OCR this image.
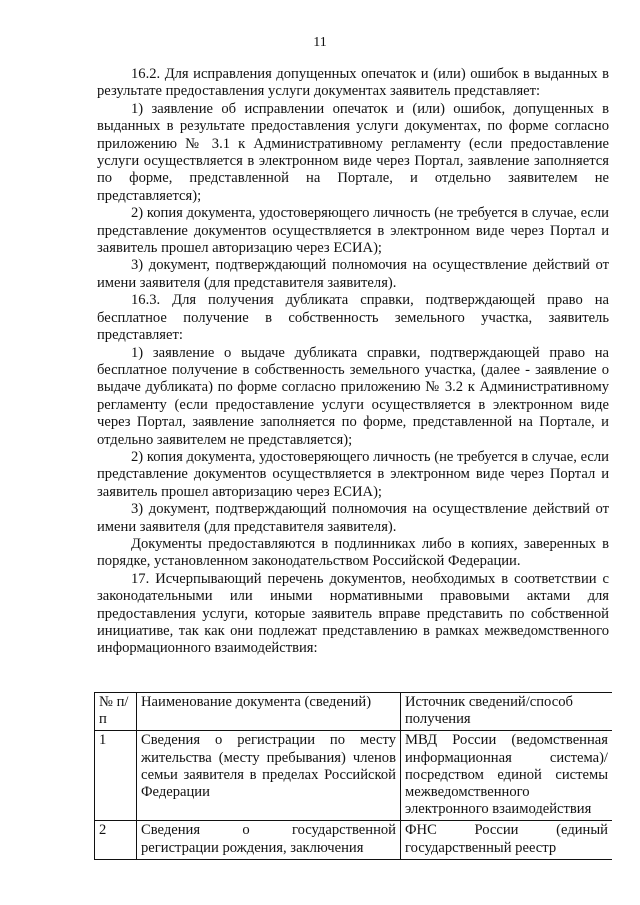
11

16.2. Для исправления допущенных опечаток и (или) ошибок в выданных в результате предоставления услуги документах заявитель представляет:

1) заявление об исправлении опечаток и (или) ошибок, допущенных в выданных в результате предоставления услуги документах, по форме согласно приложению № 3.1 к Административному регламенту (если предоставление услуги осуществляется в электронном виде через Портал, заявление заполняется по форме, представленной на Портале, и отдельно заявителем не представляется);

2) копия документа, удостоверяющего личность (не требуется в случае, если представление документов осуществляется в электронном виде через Портал и заявитель прошел авторизацию через ЕСИА);

3) документ, подтверждающий полномочия на осуществление действий от имени заявителя (для представителя заявителя).

16.3. Для получения дубликата справки, подтверждающей право на бесплатное получение в собственность земельного участка, заявитель представляет:

1) заявление о выдаче дубликата справки, подтверждающей право на бесплатное получение в собственность земельного участка, (далее - заявление о выдаче дубликата) по форме согласно приложению № 3.2 к Административному регламенту (если предоставление услуги осуществляется в электронном виде через Портал, заявление заполняется по форме, представленной на Портале, и отдельно заявителем не представляется);

2) копия документа, удостоверяющего личность (не требуется в случае, если представление документов осуществляется в электронном виде через Портал и заявитель прошел авторизацию через ЕСИА);

3) документ, подтверждающий полномочия на осуществление действий от имени заявителя (для представителя заявителя).

Документы предоставляются в подлинниках либо в копиях, заверенных в порядке, установленном законодательством Российской Федерации.

17. Исчерпывающий перечень документов, необходимых в соответствии с законодательными или иными нормативными правовыми актами для предоставления услуги, которые заявитель вправе представить по собственной инициативе, так как они подлежат представлению в рамках межведомственного информационного взаимодействия:

№ п/п	Наименование документа (сведений)	Источник сведений/способ получения
1	Сведения о регистрации по месту жительства (месту пребывания) членов семьи заявителя в пределах Российской Федерации	МВД России (ведомственная информационная система)/посредством единой системы межведомственного электронного взаимодействия
2	Сведения о государственной регистрации рождения, заключения	ФНС России (единый государственный реестр
